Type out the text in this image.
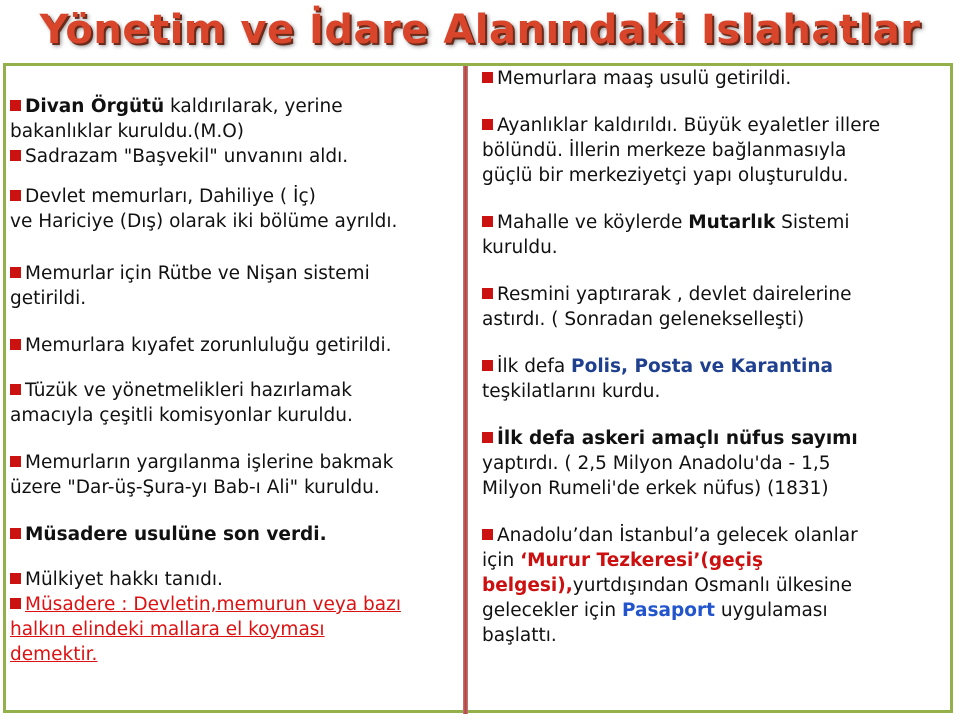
Yönetim ve İdare Alanındaki Islahatlar

Divan Örgütü kaldırılarak, yerine
bakanlıklar kuruldu.(M.O)

Sadrazam "Başvekil" unvanını aldı.

Devlet memurları, Dahiliye ( İç)
ve Hariciye (Dış) olarak iki bölüme ayrıldı.

Memurlar için Rütbe ve Nişan sistemi
getirildi.

Memurlara kıyafet zorunluluğu getirildi.

Tüzük ve yönetmelikleri hazırlamak
amacıyla çeşitli komisyonlar kuruldu.

Memurların yargılanma işlerine bakmak
üzere "Dar-üş-Şura-yı Bab-ı Ali" kuruldu.

Müsadere usulüne son verdi.

Mülkiyet hakkı tanıdı.

Müsadere : Devletin,memurun veya bazı
halkın elindeki mallara el koyması
demektir.

Memurlara maaş usulü getirildi.

Ayanlıklar kaldırıldı. Büyük eyaletler illere
bölündü. İllerin merkeze bağlanmasıyla
güçlü bir merkeziyetçi yapı oluşturuldu.

Mahalle ve köylerde Mutarlık Sistemi
kuruldu.

Resmini yaptırarak , devlet dairelerine
astırdı. ( Sonradan gelenekselleşti)

İlk defa Polis, Posta ve Karantina
teşkilatlarını kurdu.

İlk defa askeri amaçlı nüfus sayımı
yaptırdı. ( 2,5 Milyon Anadolu'da - 1,5
Milyon Rumeli'de erkek nüfus) (1831)

Anadolu’dan İstanbul’a gelecek olanlar
için ‘Murur Tezkeresi’(geçiş
belgesi),yurtdışından Osmanlı ülkesine
gelecekler için Pasaport uygulaması
başlattı.
